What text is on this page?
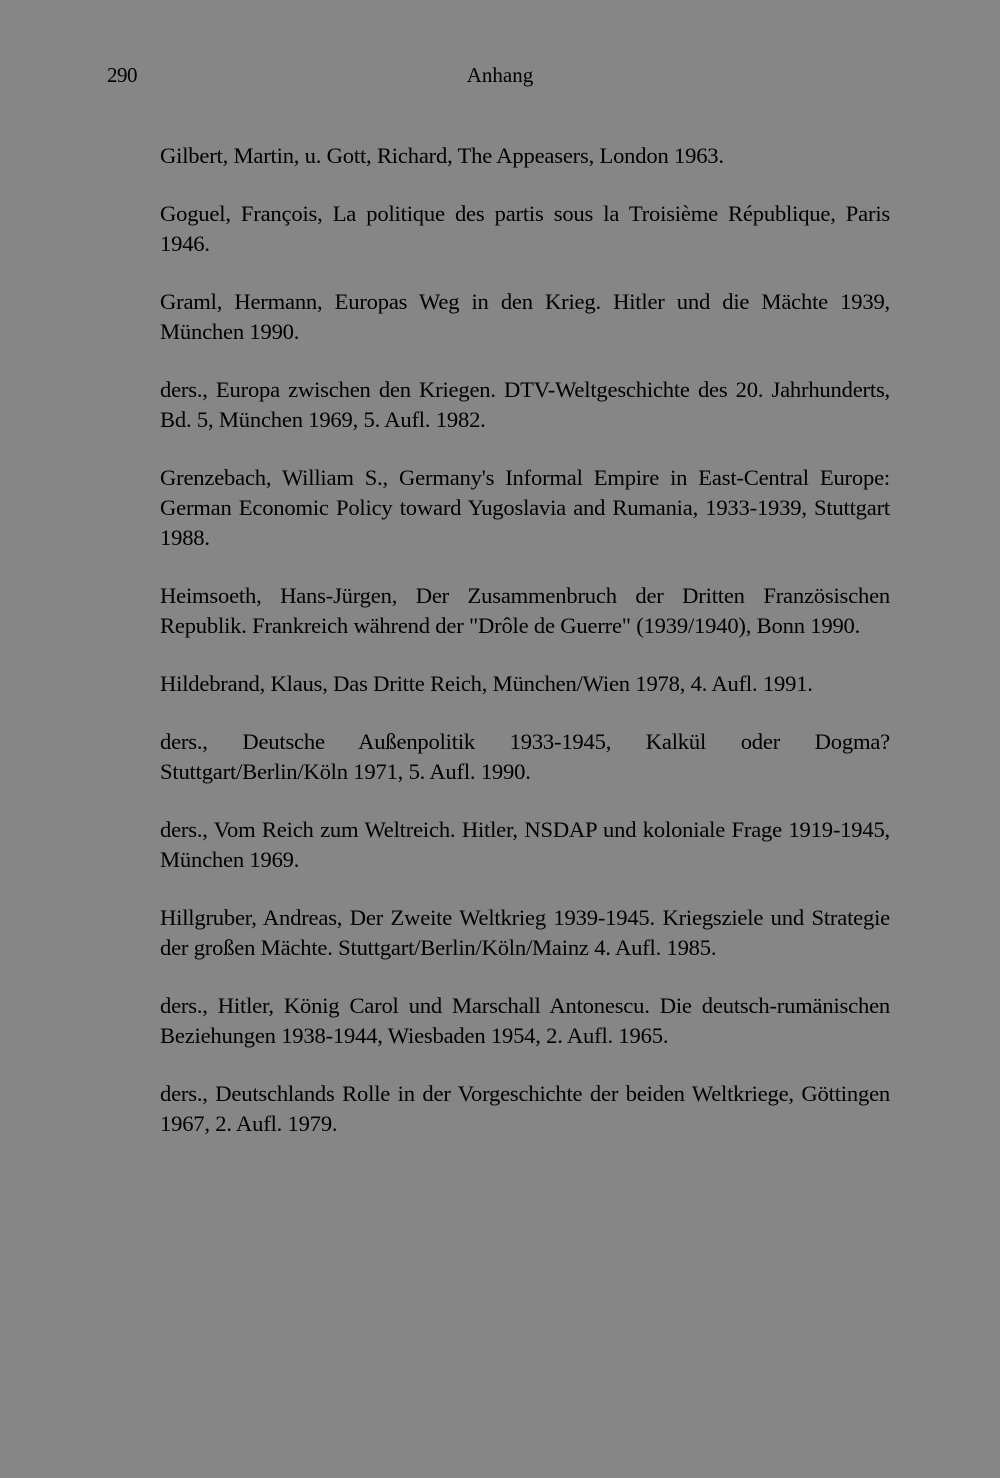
290	Anhang
Gilbert, Martin, u. Gott, Richard, The Appeasers, London 1963.
Goguel, François, La politique des partis sous la Troisième République, Paris 1946.
Graml, Hermann, Europas Weg in den Krieg. Hitler und die Mächte 1939, München 1990.
ders., Europa zwischen den Kriegen. DTV-Weltgeschichte des 20. Jahrhunderts, Bd. 5, München 1969, 5. Aufl. 1982.
Grenzebach, William S., Germany's Informal Empire in East-Central Europe: German Economic Policy toward Yugoslavia and Rumania, 1933-1939, Stuttgart 1988.
Heimsoeth, Hans-Jürgen, Der Zusammenbruch der Dritten Französischen Republik. Frankreich während der "Drôle de Guerre" (1939/1940), Bonn 1990.
Hildebrand, Klaus, Das Dritte Reich, München/Wien 1978, 4. Aufl. 1991.
ders., Deutsche Außenpolitik 1933-1945, Kalkül oder Dogma? Stuttgart/Berlin/Köln 1971, 5. Aufl. 1990.
ders., Vom Reich zum Weltreich. Hitler, NSDAP und koloniale Frage 1919-1945, München 1969.
Hillgruber, Andreas, Der Zweite Weltkrieg 1939-1945. Kriegsziele und Strategie der großen Mächte. Stuttgart/Berlin/Köln/Mainz 4. Aufl. 1985.
ders., Hitler, König Carol und Marschall Antonescu. Die deutsch-rumänischen Beziehungen 1938-1944, Wiesbaden 1954, 2. Aufl. 1965.
ders., Deutschlands Rolle in der Vorgeschichte der beiden Weltkriege, Göttingen 1967, 2. Aufl. 1979.
